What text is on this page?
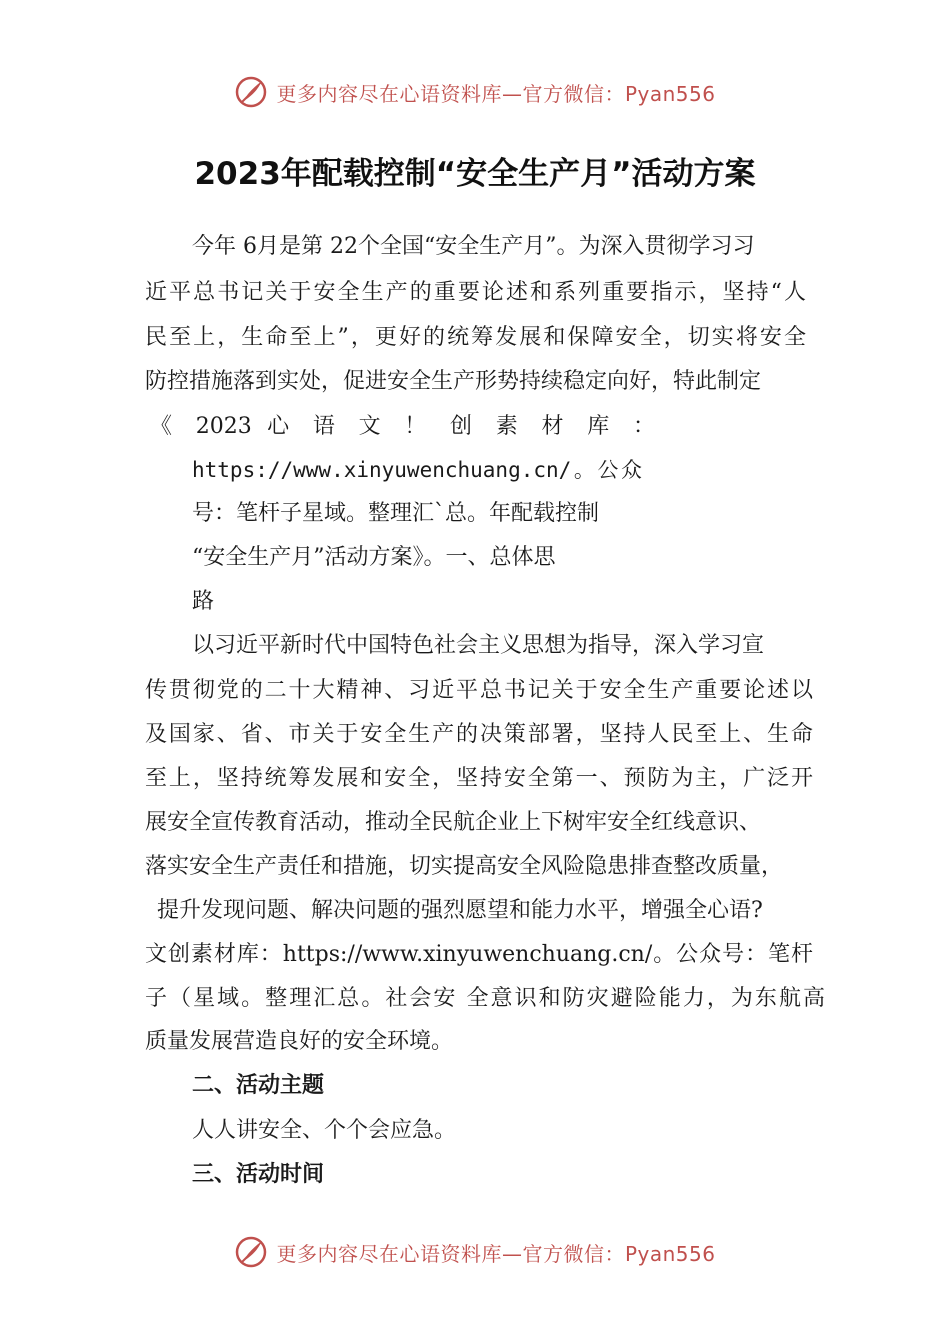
更多内容尽在心语资料库—官方微信：Pyan556
2023年配载控制“安全生产月”活动方案
今年 6月是第 22个全国“安全生产月”。为深入贯彻学习习
近平总书记关于安全生产的重要论述和系列重要指示，坚持“人
民至上，生命至上”，更好的统筹发展和保障安全，切实将安全
防控措施落到实处，促进安全生产形势持续稳定向好，特此制定
《 2023 心 语 文 ！ 创 素 材 库 ：
https://www.xinyuwenchuang.cn/。公众
号：笔杆子星域。整理汇`总。年配载控制
“安全生产月”活动方案》。一、总体思
路
以习近平新时代中国特色社会主义思想为指导，深入学习宣
传贯彻党的二十大精神、习近平总书记关于安全生产重要论述以
及国家、省、市关于安全生产的决策部署，坚持人民至上、生命
至上，坚持统筹发展和安全，坚持安全第一、预防为主，广泛开
展安全宣传教育活动，推动全民航企业上下树牢安全红线意识、
落实安全生产责任和措施，切实提高安全风险隐患排查整改质量，
提升发现问题、解决问题的强烈愿望和能力水平，增强全心语?
文创素材库：https://www.xinyuwenchuang.cn/。公众号：笔杆
子（星域。整理汇总。社会安 全意识和防灾避险能力，为东航高
质量发展营造良好的安全环境。
二、活动主题
人人讲安全、个个会应急。
三、活动时间
更多内容尽在心语资料库—官方微信：Pyan556
